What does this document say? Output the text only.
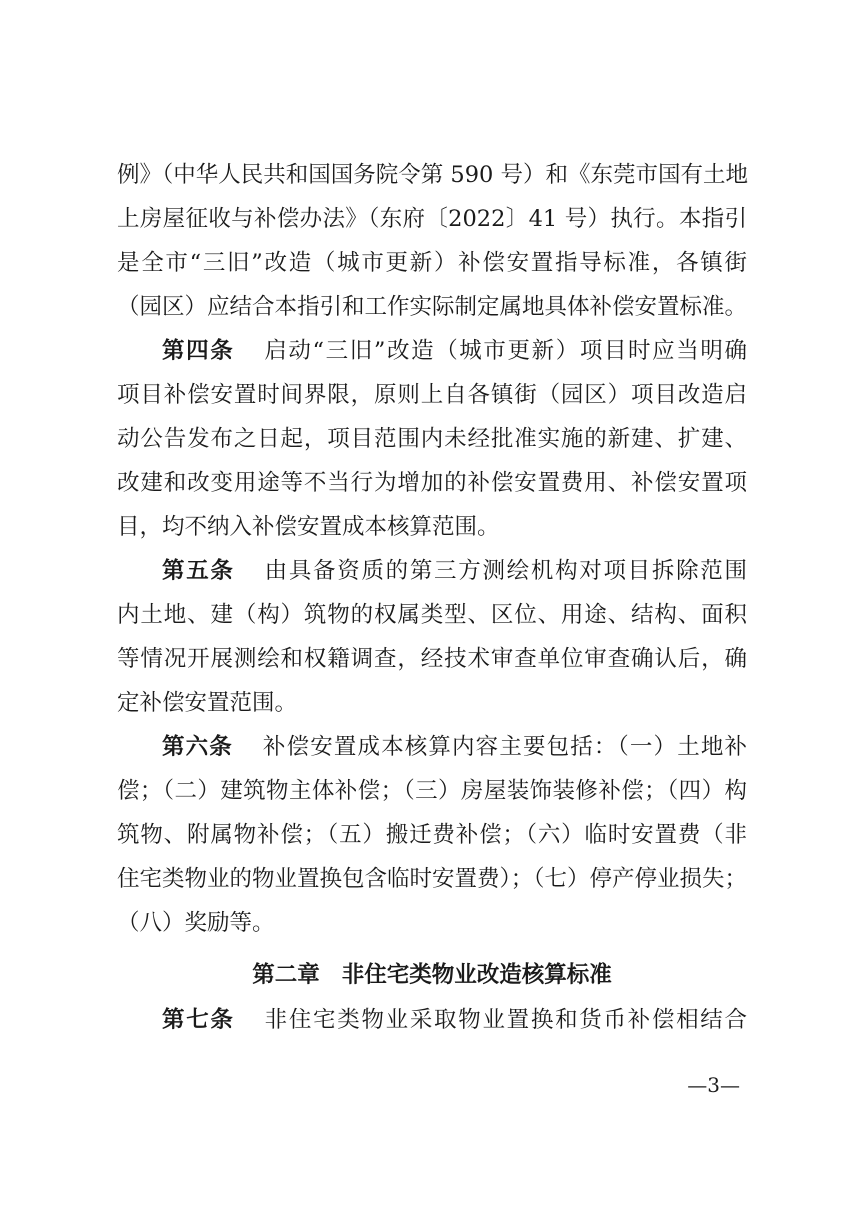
例》（中华人民共和国国务院令第 590 号）和《东莞市国有土地
上房屋征收与补偿办法》（东府〔2022〕41 号）执行。本指引
是全市“三旧”改造（城市更新）补偿安置指导标准，各镇街
（园区）应结合本指引和工作实际制定属地具体补偿安置标准。
第四条 启动“三旧”改造（城市更新）项目时应当明确
项目补偿安置时间界限，原则上自各镇街（园区）项目改造启
动公告发布之日起，项目范围内未经批准实施的新建、扩建、
改建和改变用途等不当行为增加的补偿安置费用、补偿安置项
目，均不纳入补偿安置成本核算范围。
第五条 由具备资质的第三方测绘机构对项目拆除范围
内土地、建（构）筑物的权属类型、区位、用途、结构、面积
等情况开展测绘和权籍调查，经技术审查单位审查确认后，确
定补偿安置范围。
第六条 补偿安置成本核算内容主要包括：（一）土地补
偿；（二）建筑物主体补偿；（三）房屋装饰装修补偿；（四）构
筑物、附属物补偿；（五）搬迁费补偿；（六）临时安置费（非
住宅类物业的物业置换包含临时安置费）；（七）停产停业损失；
（八）奖励等。
第二章 非住宅类物业改造核算标准
第七条 非住宅类物业采取物业置换和货币补偿相结合
—3—
